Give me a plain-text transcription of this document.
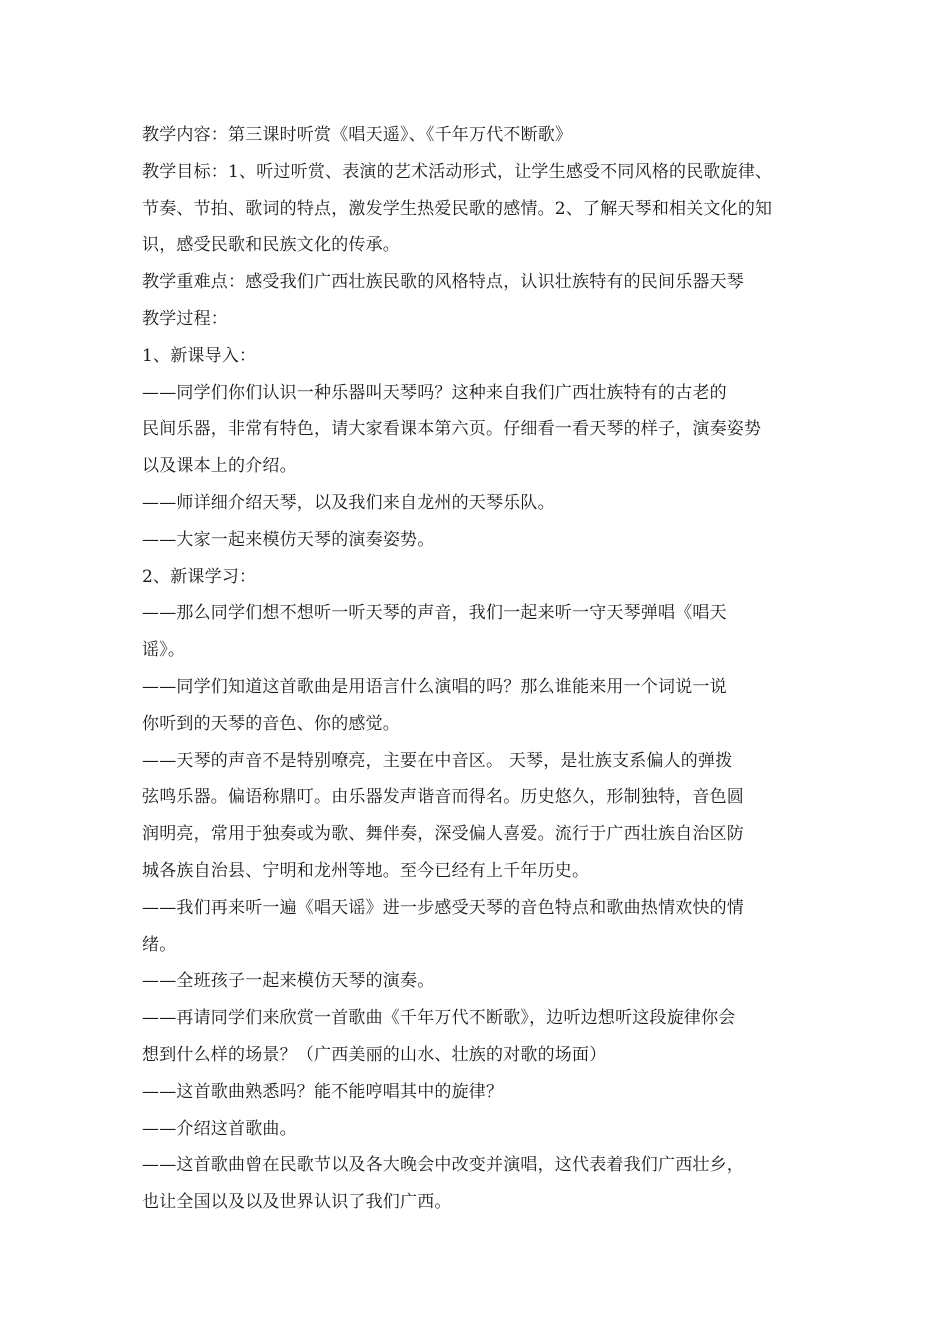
教学内容：第三课时听赏《唱天遥》、《千年万代不断歌》
教学目标：1、听过听赏、表演的艺术活动形式，让学生感受不同风格的民歌旋律、
节奏、节拍、歌词的特点，激发学生热爱民歌的感情。2、了解天琴和相关文化的知
识，感受民歌和民族文化的传承。
教学重难点：感受我们广西壮族民歌的风格特点，认识壮族特有的民间乐器天琴
教学过程：
1、新课导入：
——同学们你们认识一种乐器叫天琴吗？这种来自我们广西壮族特有的古老的
民间乐器，非常有特色，请大家看课本第六页。仔细看一看天琴的样子，演奏姿势
以及课本上的介绍。
——师详细介绍天琴，以及我们来自龙州的天琴乐队。
——大家一起来模仿天琴的演奏姿势。
2、新课学习：
——那么同学们想不想听一听天琴的声音，我们一起来听一守天琴弹唱《唱天
谣》。
——同学们知道这首歌曲是用语言什么演唱的吗？那么谁能来用一个词说一说
你听到的天琴的音色、你的感觉。
——天琴的声音不是特别嘹亮，主要在中音区。 天琴，是壮族支系偏人的弹拨
弦鸣乐器。偏语称鼎叮。由乐器发声谐音而得名。历史悠久，形制独特，音色圆
润明亮，常用于独奏或为歌、舞伴奏，深受偏人喜爱。流行于广西壮族自治区防
城各族自治县、宁明和龙州等地。至今已经有上千年历史。
——我们再来听一遍《唱天谣》进一步感受天琴的音色特点和歌曲热情欢快的情
绪。
——全班孩子一起来模仿天琴的演奏。
——再请同学们来欣赏一首歌曲《千年万代不断歌》，边听边想听这段旋律你会
想到什么样的场景？（广西美丽的山水、壮族的对歌的场面）
——这首歌曲熟悉吗？能不能哼唱其中的旋律？
——介绍这首歌曲。
——这首歌曲曾在民歌节以及各大晚会中改变并演唱，这代表着我们广西壮乡，
也让全国以及以及世界认识了我们广西。
